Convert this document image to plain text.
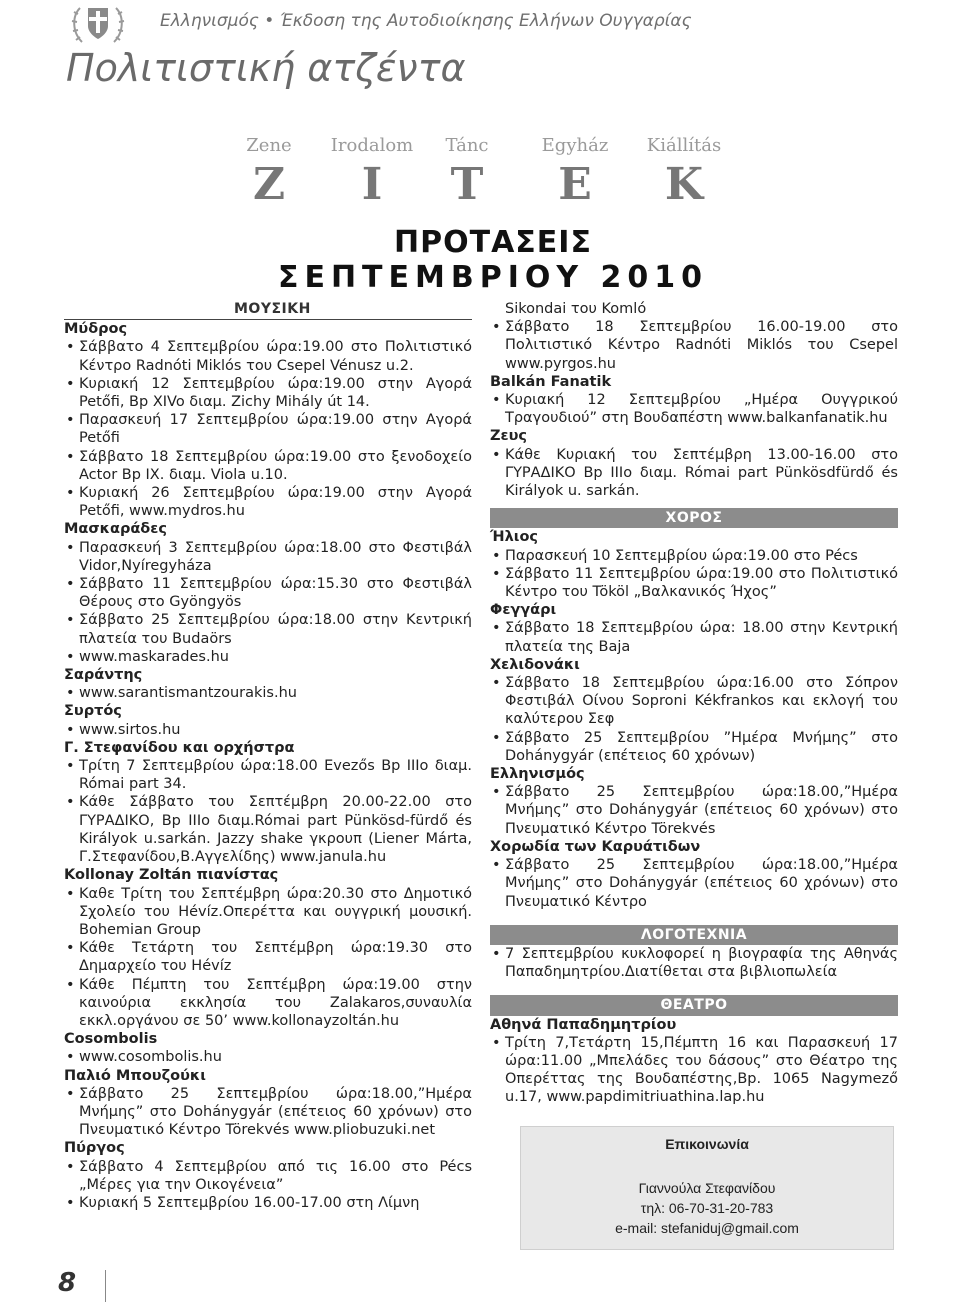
Ελληνισμός • Έκδοση της Αυτοδιοίκησης Ελλήνων Ουγγαρίας
Πολιτιστική ατζέντα
Zene
Z
Irodalom
I
Tánc
T
Egyház
E
Kiállítás
K
ΠΡΟΤΑΣΕΙΣ
ΣΕΠΤΕΜΒΡΙΟΥ 2010
ΜΟΥΣΙΚΗ
Μύδρος
• Σάββατο 4 Σεπτεμβρίου ώρα:19.00 στο Πολιτιστικό Κέντρο Radnóti Miklós του Csepel Vénusz u.2.
• Κυριακή 12 Σεπτεμβρίου ώρα:19.00 στην Αγορά Petőfi, Bp XIVo διαμ. Zichy Mihály út 14.
• Παρασκευή 17 Σεπτεμβρίου ώρα:19.00 στην Αγορά Petőfi
• Σάββατο 18 Σεπτεμβρίου ώρα:19.00 στο ξενοδοχείο Actor Bp IX. διαμ. Viola u.10.
• Κυριακή 26 Σεπτεμβρίου ώρα:19.00 στην Αγορά Petőfi, www.mydros.hu
Μασκαράδες
• Παρασκευή 3 Σεπτεμβρίου ώρα:18.00 στο Φεστιβάλ Vidor,Nyíregyháza
• Σάββατο 11 Σεπτεμβρίου ώρα:15.30 στο Φεστιβάλ Θέρους στο Gyöngyös
• Σάββατο 25 Σεπτεμβρίου ώρα:18.00 στην Κεντρική πλατεία του Budaörs
• www.maskarades.hu
Σαράντης
• www.sarantismantzourakis.hu
Συρτός
• www.sirtos.hu
Γ. Στεφανίδου και ορχήστρα
• Τρίτη 7 Σεπτεμβρίου ώρα:18.00 Evezős Bp IIIο διαμ. Római part 34.
• Κάθε Σάββατο του Σεπτέμβρη 20.00-22.00 στο ΓΥΡΑΔΙΚΟ, Bp IIIo διαμ.Római part Pünkösd-fürdő és Királyok u.sarkán. Jazzy shake γκρουπ (Liener Márta, Γ.Στεφανίδου,Β.Αγγελίδης) www.janula.hu
Kollonay Zoltán πιανίστας
• Καθε Τρίτη του Σεπτέμβρη ώρα:20.30 στο Δημοτικό Σχολείο του Hévíz.Οπερέττα και ουγγρική μουσική. Bohemian Group
• Κάθε Τετάρτη του Σεπτέμβρη ώρα:19.30 στο Δημαρχείο του Hévíz
• Κάθε Πέμπτη του Σεπτέμβρη ώρα:19.00 στην καινούρια εκκλησία του Zalakaros,συναυλία εκκλ.οργάνου σε 50’ www.kollonayzoltán.hu
Cosombolis
• www.cosombolis.hu
Παλιό Μπουζούκι
• Σάββατο 25 Σεπτεμβρίου ώρα:18.00,”Ημέρα Μνήμης” στο Dohánygyár (επέτειος 60 χρόνων) στο Πνευματικό Κέντρο Törekvés www.pliobuzuki.net
Πύργος
• Σάββατο 4 Σεπτεμβρίου από τις 16.00 στο Pécs „Μέρες για την Οικογένεια”
• Κυριακή 5 Σεπτεμβρίου 16.00-17.00 στη Λίμνη
Sikondai του Komló
• Σάββατο 18 Σεπτεμβρίου 16.00-19.00 στο Πολιτιστικό Κέντρο Radnóti Miklós του Csepel www.pyrgos.hu
Balkán Fanatik
• Κυριακή 12 Σεπτεμβρίου „Ημέρα Ουγγρικού Τραγουδιού” στη Βουδαπέστη www.balkanfanatik.hu
Ζευς
• Κάθε Κυριακή του Σεπτέμβρη 13.00-16.00 στο ΓΥΡΑΔΙΚΟ Bp IIIο διαμ. Római part Pünkösdfürdő és Királyok u. sarkán.
ΧΟΡΟΣ
Ήλιος
• Παρασκευή 10 Σεπτεμβρίου ώρα:19.00 στο Pécs
• Σάββατο 11 Σεπτεμβρίου ώρα:19.00 στο Πολιτιστικό Κέντρο του Tököl „Βαλκανικός Ήχος”
Φεγγάρι
• Σάββατο 18 Σεπτεμβρίου ώρα: 18.00 στην Κεντρική πλατεία της Baja
Χελιδονάκι
• Σάββατο 18 Σεπτεμβρίου ώρα:16.00 στο Σόπρον Φεστιβάλ Οίνου Soproni Kékfrankos και εκλογή του καλύτερου Σεφ
• Σάββατο 25 Σεπτεμβρίου ”Ημέρα Μνήμης” στο Dohánygyár (επέτειος 60 χρόνων)
Ελληνισμός
• Σάββατο 25 Σεπτεμβρίου ώρα:18.00,”Ημέρα Μνήμης” στο Dohánygyár (επέτειος 60 χρόνων) στο Πνευματικό Κέντρο Törekvés
Χορωδία των Καρυάτιδων
• Σάββατο 25 Σεπτεμβρίου ώρα:18.00,”Ημέρα Μνήμης” στο Dohánygyár (επέτειος 60 χρόνων) στο Πνευματικό Κέντρο
ΛΟΓΟΤΕΧΝΙΑ
• 7 Σεπτεμβρίου κυκλοφορεί η βιογραφία της Αθηνάς Παπαδημητρίου.Διατίθεται στα βιβλιοπωλεία
ΘΕΑΤΡΟ
Αθηνά Παπαδημητρίου
• Τρίτη 7,Τετάρτη 15,Πέμπτη 16 και Παρασκευή 17 ώρα:11.00 „Μπελάδες του δάσους” στο Θέατρο της Οπερέττας της Βουδαπέστης,Bp. 1065 Nagymező u.17, www.papdimitriuathina.lap.hu
Επικοινωνία
Γιαννούλα Στεφανίδου
τηλ: 06-70-31-20-783
e-mail: stefaniduj@gmail.com
8
